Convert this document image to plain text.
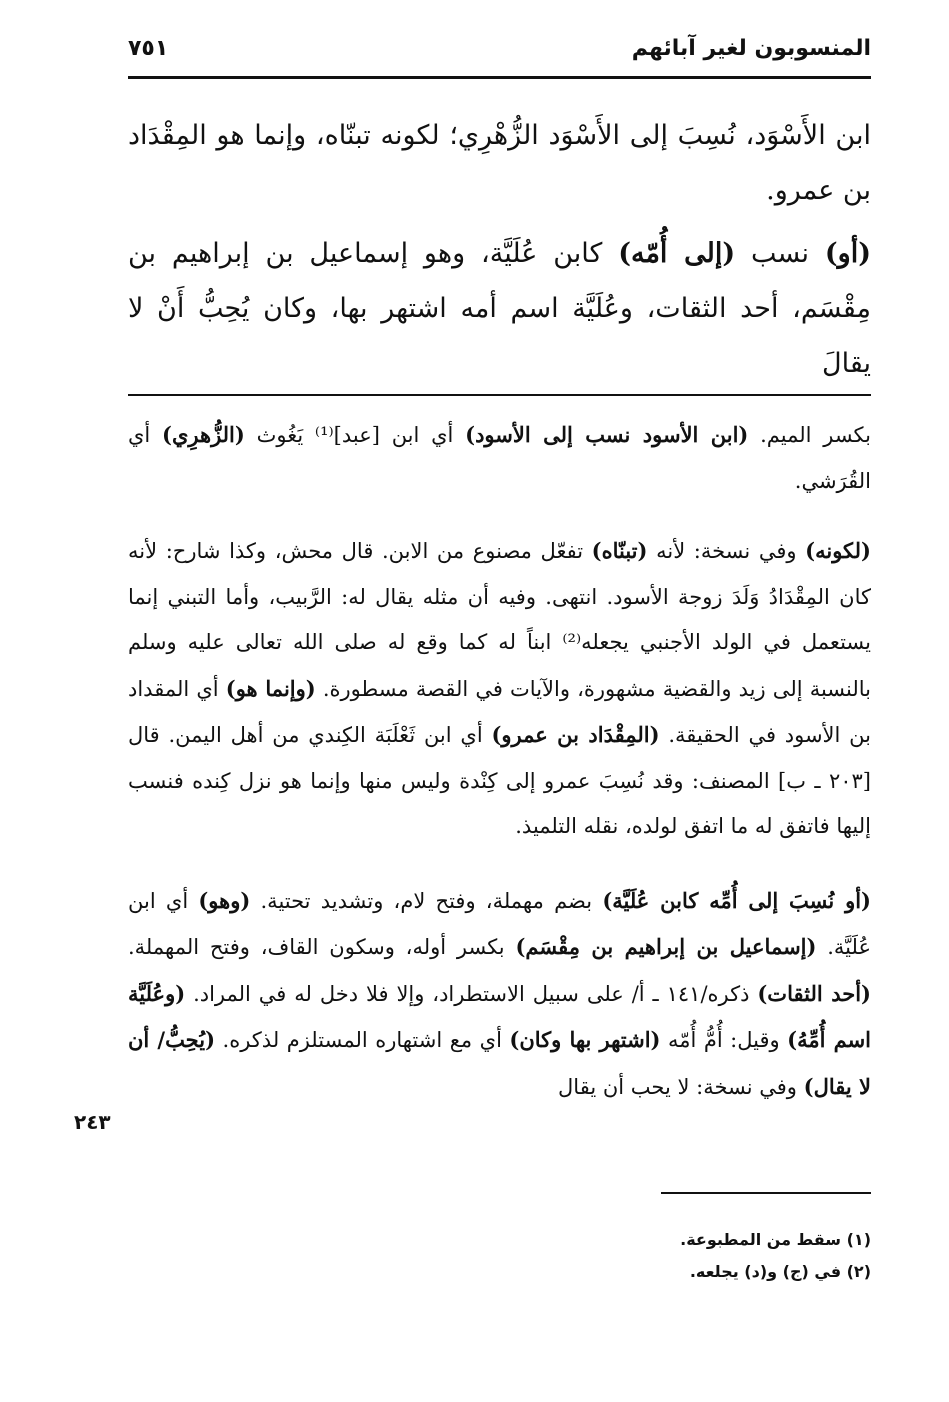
المنسوبون لغير آبائهم
٧٥١

ابن الأَسْوَد، نُسِبَ إلى الأَسْوَد الزُّهْرِي؛ لكونه تبنّاه، وإنما هو المِقْدَاد بن عمرو.

(أو) نسب (إلى أُمّه) كابن عُلَيَّة، وهو إسماعيل بن إبراهيم بن مِقْسَم، أحد الثقات، وعُلَيَّة اسم أمه اشتهر بها، وكان يُحِبُّ أَنْ لا يقالَ

بكسر الميم. (ابن الأسود نسب إلى الأسود) أي ابن [عبد]⁽¹⁾ يَغُوث (الزُّهرِي) أي القُرَشي.

(لكونه) وفي نسخة: لأنه (تبنّاه) تفعّل مصنوع من الابن. قال محش، وكذا شارح: لأنه كان المِقْدَادُ وَلَدَ زوجة الأسود. انتهى. وفيه أن مثله يقال له: الرَّبيب، وأما التبني إنما يستعمل في الولد الأجنبي يجعله⁽²⁾ ابناً له كما وقع له صلى الله تعالى عليه وسلم بالنسبة إلى زيد والقضية مشهورة، والآيات في القصة مسطورة. (وإنما هو) أي المقداد بن الأسود في الحقيقة. (المِقْدَاد بن عمرو) أي ابن ثَعْلَبَة الكِندي من أهل اليمن. قال [٢٠٣ ـ ب] المصنف: وقد نُسِبَ عمرو إلى كِنْدة وليس منها وإنما هو نزل كِنده فنسب إليها فاتفق له ما اتفق لولده، نقله التلميذ.

(أو نُسِبَ إلى أُمِّه كابن عُلَيَّة) بضم مهملة، وفتح لام، وتشديد تحتية. (وهو) أي ابن عُلَيَّة. (إسماعيل بن إبراهيم بن مِقْسَم) بكسر أوله، وسكون القاف، وفتح المهملة. (أحد الثقات) ذكره/١٤١ ـ أ/ على سبيل الاستطراد، وإلا فلا دخل له في المراد. (وعُلَيَّة اسم أُمِّهُ) وقيل: أُمُّ أُمّه (اشتهر بها وكان) أي مع اشتهاره المستلزم لذكره. (يُحِبُّ/ أن لا يقال) وفي نسخة: لا يحب أن يقال

٢٤٣
(١) سقط من المطبوعة.
(٢) في (ج) و(د) يجلعه.
